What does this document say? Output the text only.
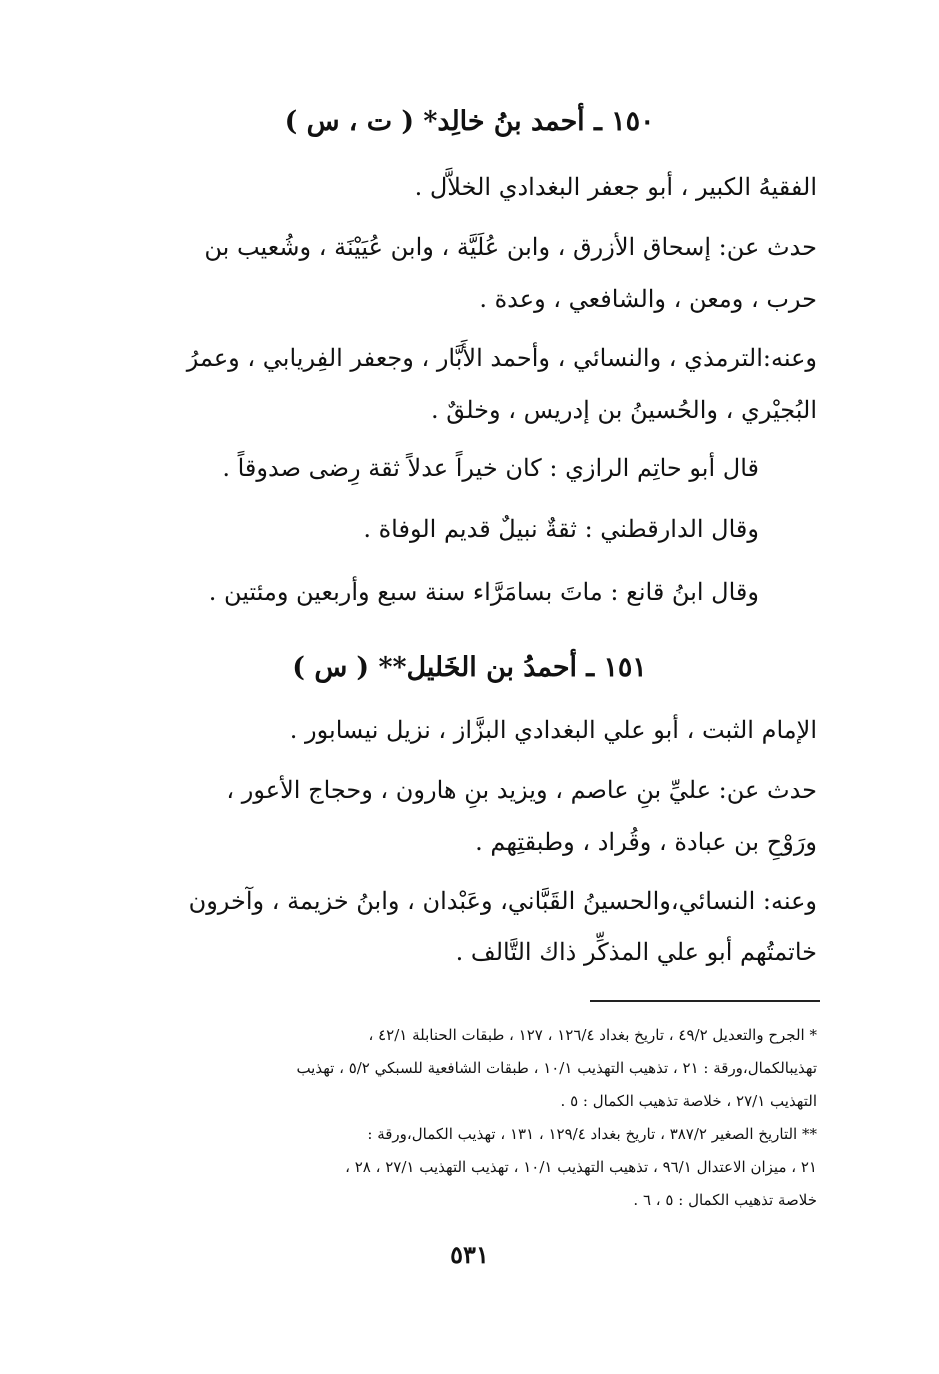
١٥٠ ـ أحمد بنُ خالِد* ( ت ، س )
الفقيهُ الكبير ، أبو جعفر البغدادي الخلاَّل .
حدث عن: إسحاق الأزرق ، وابن عُلَيَّة ، وابن عُيَيْنَة ، وشُعيب بن
حرب ، ومعن ، والشافعي ، وعدة .
وعنه:الترمذي ، والنسائي ، وأحمد الأَبَّار ، وجعفر الفِريابي ، وعمرُ
البُجيْري ، والحُسينُ بن إدريس ، وخلقٌ .
قال أبو حاتِم الرازي : كان خيراً عدلاً ثقة رِضى صدوقاً .
وقال الدارقطني : ثقةٌ نبيلٌ قديم الوفاة .
وقال ابنُ قانع : ماتَ بسامَرَّاء سنة سبع وأربعين ومئتين .
١٥١ ـ أحمدُ بن الخَليل** ( س )
الإمام الثبت ، أبو علي البغدادي البزَّاز ، نزيل نيسابور .
حدث عن: عليِّ بنِ عاصم ، ويزيد بنِ هارون ، وحجاج الأعور ،
ورَوْحِ بن عبادة ، وقُراد ، وطبقتِهم .
وعنه: النسائي،والحسينُ القَبَّاني، وعَبْدان ، وابنُ خزيمة ، وآخرون
خاتمتُهم أبو علي المذكِّر ذاك التَّالف .
* الجرح والتعديل ٤٩/٢ ، تاريخ بغداد ١٢٦/٤ ، ١٢٧ ، طبقات الحنابلة ٤٢/١ ،
تهذيبالكمال،ورقة : ٢١ ، تذهيب التهذيب ١٠/١ ، طبقات الشافعية للسبكي ٥/٢ ، تهذيب
التهذيب ٢٧/١ ، خلاصة تذهيب الكمال : ٥ .
** التاريخ الصغير ٣٨٧/٢ ، تاريخ بغداد ١٢٩/٤ ، ١٣١ ، تهذيب الكمال،ورقة :
٢١ ، ميزان الاعتدال ٩٦/١ ، تذهيب التهذيب ١٠/١ ، تهذيب التهذيب ٢٧/١ ، ٢٨ ،
خلاصة تذهيب الكمال : ٥ ، ٦ .
٥٣١
